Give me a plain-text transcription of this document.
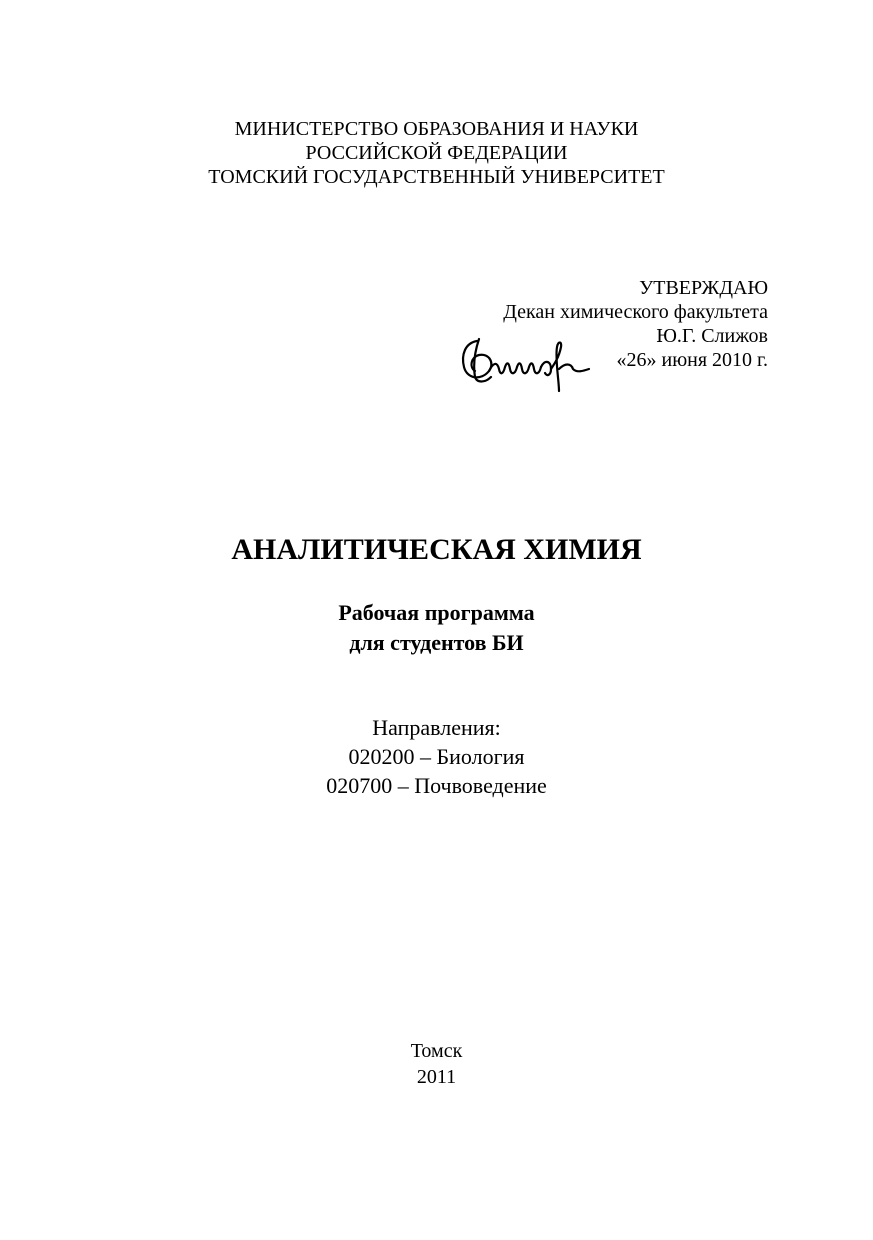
МИНИСТЕРСТВО ОБРАЗОВАНИЯ И НАУКИ
РОССИЙСКОЙ ФЕДЕРАЦИИ
ТОМСКИЙ ГОСУДАРСТВЕННЫЙ УНИВЕРСИТЕТ
УТВЕРЖДАЮ
Декан химического факультета
Ю.Г. Слижов
«26» июня 2010 г.
АНАЛИТИЧЕСКАЯ ХИМИЯ
Рабочая программа
для студентов БИ
Направления:
020200 – Биология
020700 – Почвоведение
Томск
2011
